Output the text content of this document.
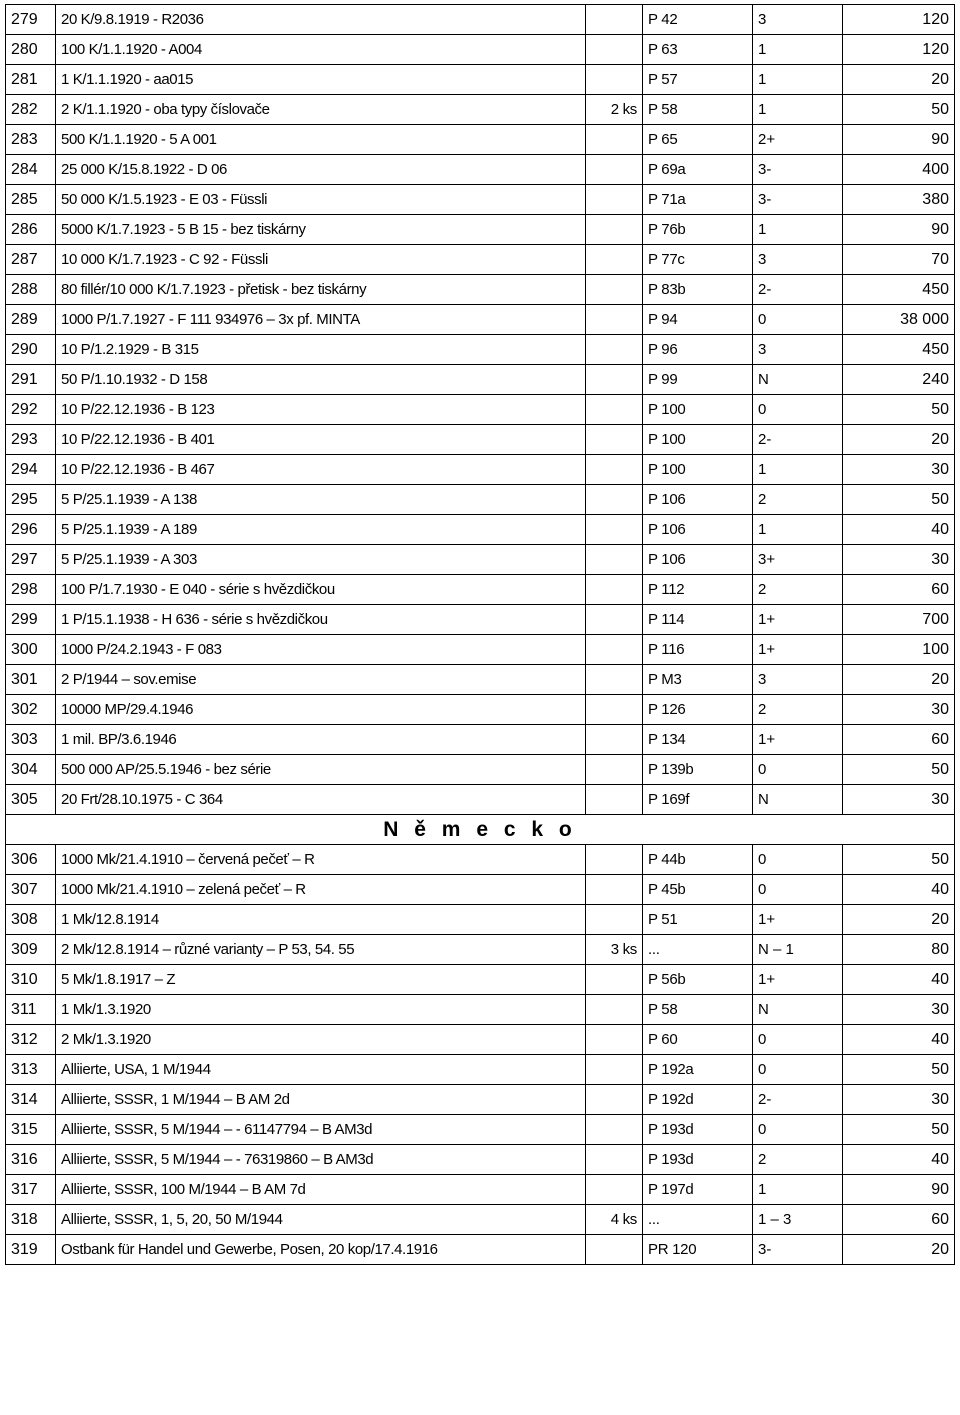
279	20 K/9.8.1919 - R2036		P 42	3	120
280	100 K/1.1.1920 - A004		P 63	1	120
281	1 K/1.1.1920 - aa015		P 57	1	20
282	2 K/1.1.1920 - oba typy číslovače	2 ks	P 58	1	50
283	500 K/1.1.1920 - 5 A 001		P 65	2+	90
284	25 000 K/15.8.1922 - D 06		P 69a	3-	400
285	50 000 K/1.5.1923 - E 03 - Füssli		P 71a	3-	380
286	5000 K/1.7.1923 - 5 B 15 - bez tiskárny		P 76b	1	90
287	10 000 K/1.7.1923 - C 92 - Füssli		P 77c	3	70
288	80 fillér/10 000 K/1.7.1923 - přetisk - bez tiskárny		P 83b	2-	450
289	1000 P/1.7.1927 - F 111 934976 – 3x pf. MINTA		P 94	0	38 000
290	10 P/1.2.1929 - B 315		P 96	3	450
291	50 P/1.10.1932 - D 158		P 99	N	240
292	10 P/22.12.1936 - B 123		P 100	0	50
293	10 P/22.12.1936 - B 401		P 100	2-	20
294	10 P/22.12.1936 - B 467		P 100	1	30
295	5 P/25.1.1939 - A 138		P 106	2	50
296	5 P/25.1.1939 - A 189		P 106	1	40
297	5 P/25.1.1939 - A 303		P 106	3+	30
298	100 P/1.7.1930 - E 040 - série s hvězdičkou		P 112	2	60
299	1 P/15.1.1938 - H 636 - série s hvězdičkou		P 114	1+	700
300	1000 P/24.2.1943 - F 083		P 116	1+	100
301	2 P/1944 – sov.emise		P M3	3	20
302	10000 MP/29.4.1946		P 126	2	30
303	1 mil. BP/3.6.1946		P 134	1+	60
304	500 000 AP/25.5.1946 - bez série		P 139b	0	50
305	20 Frt/28.10.1975 - C 364		P 169f	N	30
N ě m e c k o					
306	1000 Mk/21.4.1910 – červená pečeť – R		P 44b	0	50
307	1000 Mk/21.4.1910 – zelená pečeť – R		P 45b	0	40
308	1 Mk/12.8.1914		P 51	1+	20
309	2 Mk/12.8.1914 – různé varianty – P 53, 54. 55	3 ks	...	N – 1	80
310	5 Mk/1.8.1917 – Z		P 56b	1+	40
311	1 Mk/1.3.1920		P 58	N	30
312	2 Mk/1.3.1920		P 60	0	40
313	Alliierte, USA, 1 M/1944		P 192a	0	50
314	Alliierte, SSSR, 1 M/1944 – B AM 2d		P 192d	2-	30
315	Alliierte, SSSR, 5 M/1944 – - 61147794 – B AM3d		P 193d	0	50
316	Alliierte, SSSR, 5 M/1944 – - 76319860 – B AM3d		P 193d	2	40
317	Alliierte, SSSR, 100 M/1944 – B AM 7d		P 197d	1	90
318	Alliierte, SSSR, 1, 5, 20, 50 M/1944	4 ks	...	1 – 3	60
319	Ostbank für Handel und Gewerbe, Posen, 20 kop/17.4.1916		PR 120	3-	20
